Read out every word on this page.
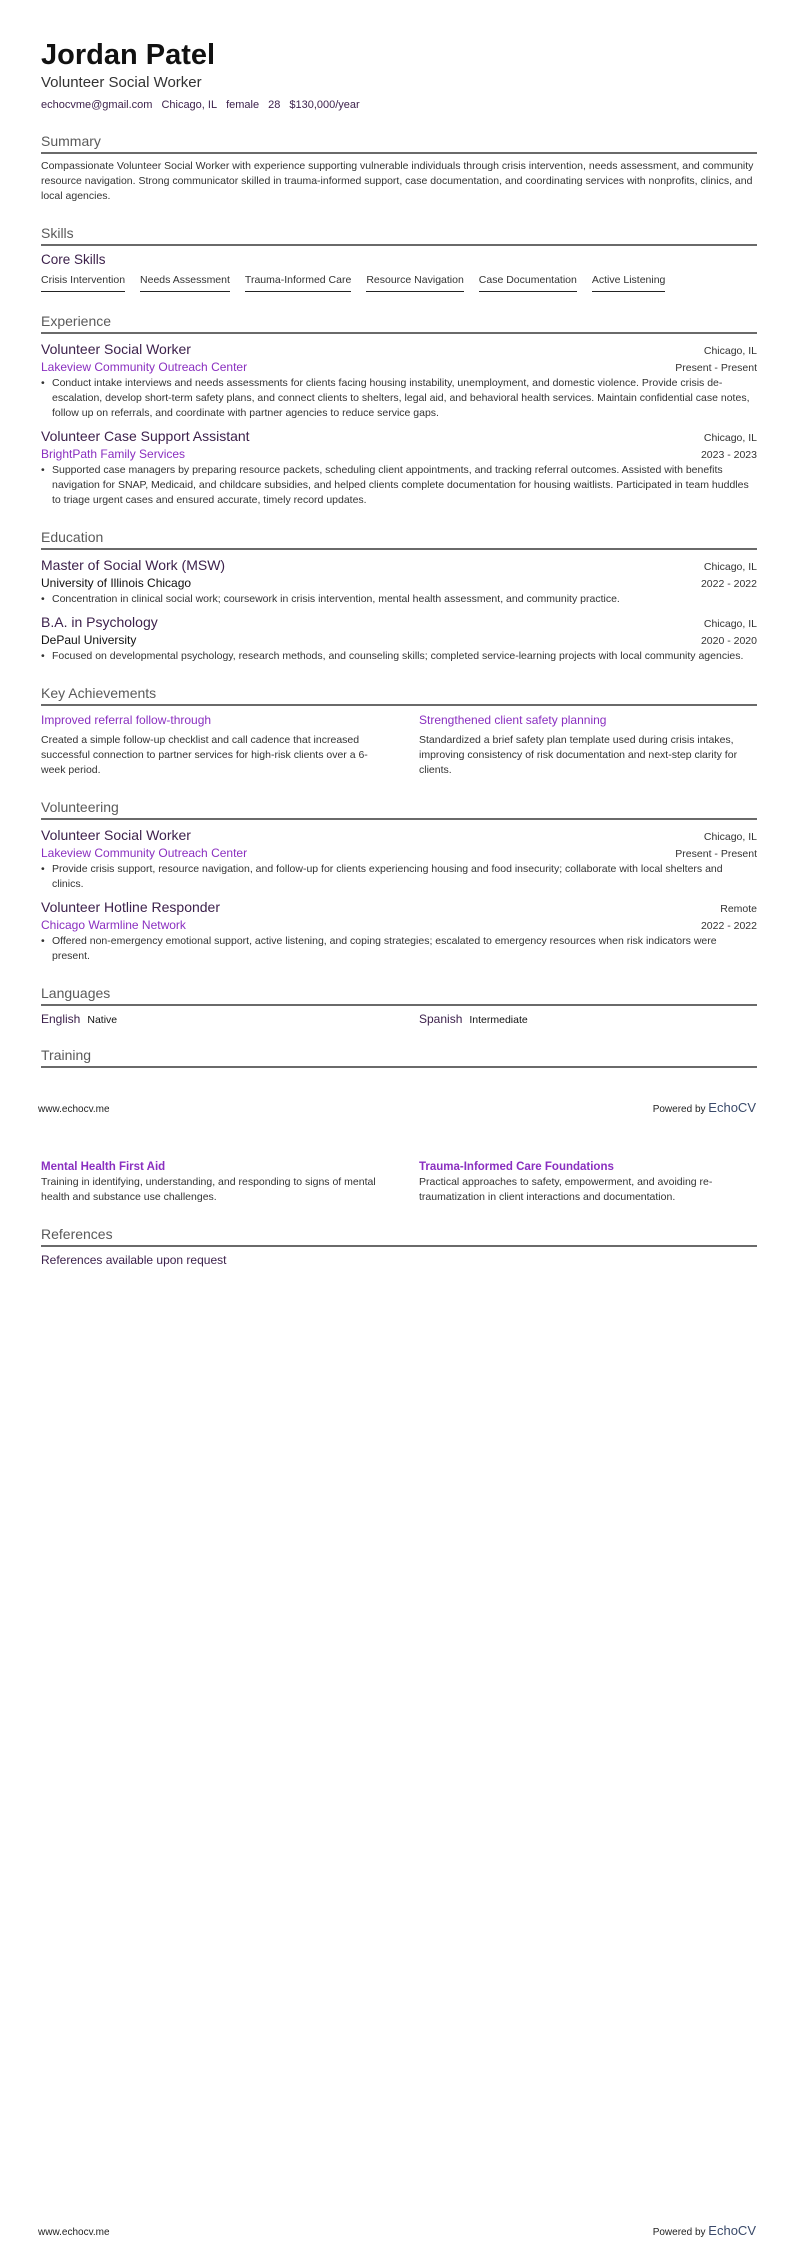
Jordan Patel
Volunteer Social Worker
echocvme@gmail.com Chicago, IL female 28 $130,000/year
Summary
Compassionate Volunteer Social Worker with experience supporting vulnerable individuals through crisis intervention, needs assessment, and community resource navigation. Strong communicator skilled in trauma-informed support, case documentation, and coordinating services with nonprofits, clinics, and local agencies.
Skills
Core Skills
Crisis Intervention Needs Assessment Trauma-Informed Care Resource Navigation Case Documentation Active Listening
Experience
Volunteer Social Worker	Chicago, IL
Lakeview Community Outreach Center	Present - Present
• Conduct intake interviews and needs assessments for clients facing housing instability, unemployment, and domestic violence. Provide crisis de-escalation, develop short-term safety plans, and connect clients to shelters, legal aid, and behavioral health services. Maintain confidential case notes, follow up on referrals, and coordinate with partner agencies to reduce service gaps.
Volunteer Case Support Assistant	Chicago, IL
BrightPath Family Services	2023 - 2023
• Supported case managers by preparing resource packets, scheduling client appointments, and tracking referral outcomes. Assisted with benefits navigation for SNAP, Medicaid, and childcare subsidies, and helped clients complete documentation for housing waitlists. Participated in team huddles to triage urgent cases and ensured accurate, timely record updates.
Education
Master of Social Work (MSW)	Chicago, IL
University of Illinois Chicago	2022 - 2022
• Concentration in clinical social work; coursework in crisis intervention, mental health assessment, and community practice.
B.A. in Psychology	Chicago, IL
DePaul University	2020 - 2020
• Focused on developmental psychology, research methods, and counseling skills; completed service-learning projects with local community agencies.
Key Achievements
Improved referral follow-through
Created a simple follow-up checklist and call cadence that increased successful connection to partner services for high-risk clients over a 6-week period.
Strengthened client safety planning
Standardized a brief safety plan template used during crisis intakes, improving consistency of risk documentation and next-step clarity for clients.
Volunteering
Volunteer Social Worker	Chicago, IL
Lakeview Community Outreach Center	Present - Present
• Provide crisis support, resource navigation, and follow-up for clients experiencing housing and food insecurity; collaborate with local shelters and clinics.
Volunteer Hotline Responder	Remote
Chicago Warmline Network	2022 - 2022
• Offered non-emergency emotional support, active listening, and coping strategies; escalated to emergency resources when risk indicators were present.
Languages
English Native	Spanish Intermediate
Training
www.echocv.me	Powered by EchoCV
Mental Health First Aid
Training in identifying, understanding, and responding to signs of mental health and substance use challenges.
Trauma-Informed Care Foundations
Practical approaches to safety, empowerment, and avoiding re-traumatization in client interactions and documentation.
References
References available upon request
www.echocv.me	Powered by EchoCV
